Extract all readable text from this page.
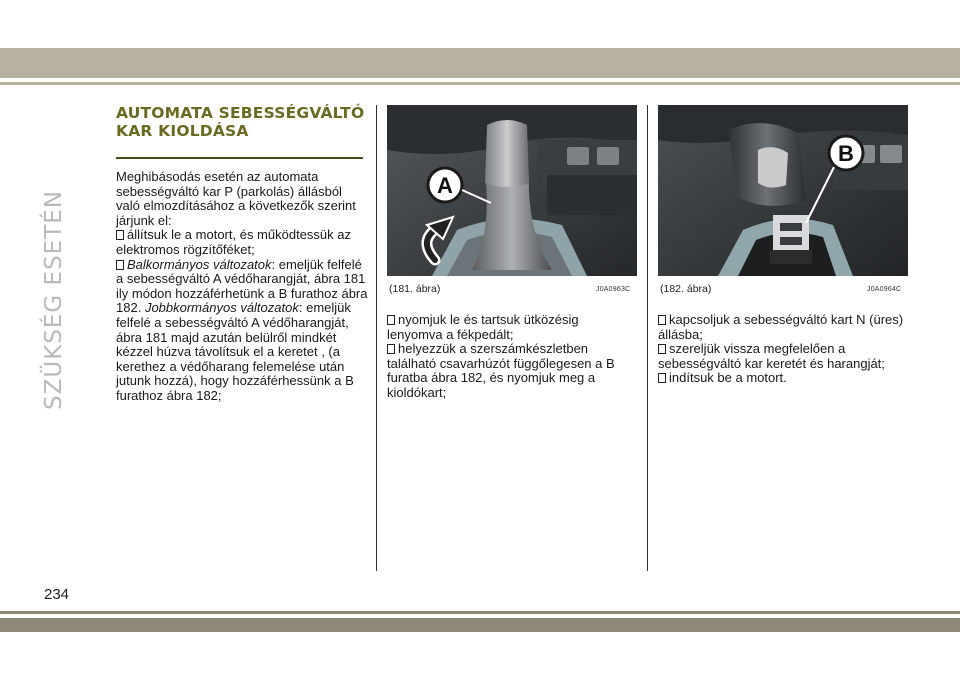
SZÜKSÉG ESETÉN
AUTOMATA SEBESSÉGVÁLTÓ KAR KIOLDÁSA

Meghibásodás esetén az automata sebességváltó kar P (parkolás) állásból való elmozdításához a következők szerint járjunk el:

állítsuk le a motort, és működtessük az elektromos rögzítőféket;

Balkormányos változatok: emeljük felfelé a sebességváltó A védőharangját, ábra 181 ily módon hozzáférhetünk a B furathoz ábra 182. Jobbkormányos változatok: emeljük felfelé a sebességváltó A védőharangját, ábra 181 majd azután belülről mindkét kézzel húzva távolítsuk el a keretet , (a kerethez a védőharang felemelése után jutunk hozzá), hogy hozzáférhessünk a B furathoz ábra 182;

A
(181. ábra)	J0A0963C

nyomjuk le és tartsuk ütközésig lenyomva a fékpedált;

helyezzük a szerszámkészletben található csavarhúzót függőlegesen a B furatba ábra 182, és nyomjuk meg a kioldókart;

B
(182. ábra)	J0A0964C

kapcsoljuk a sebességváltó kart N (üres) állásba;

szereljük vissza megfelelően a sebességváltó kar keretét és harangját;

indítsuk be a motort.

234
